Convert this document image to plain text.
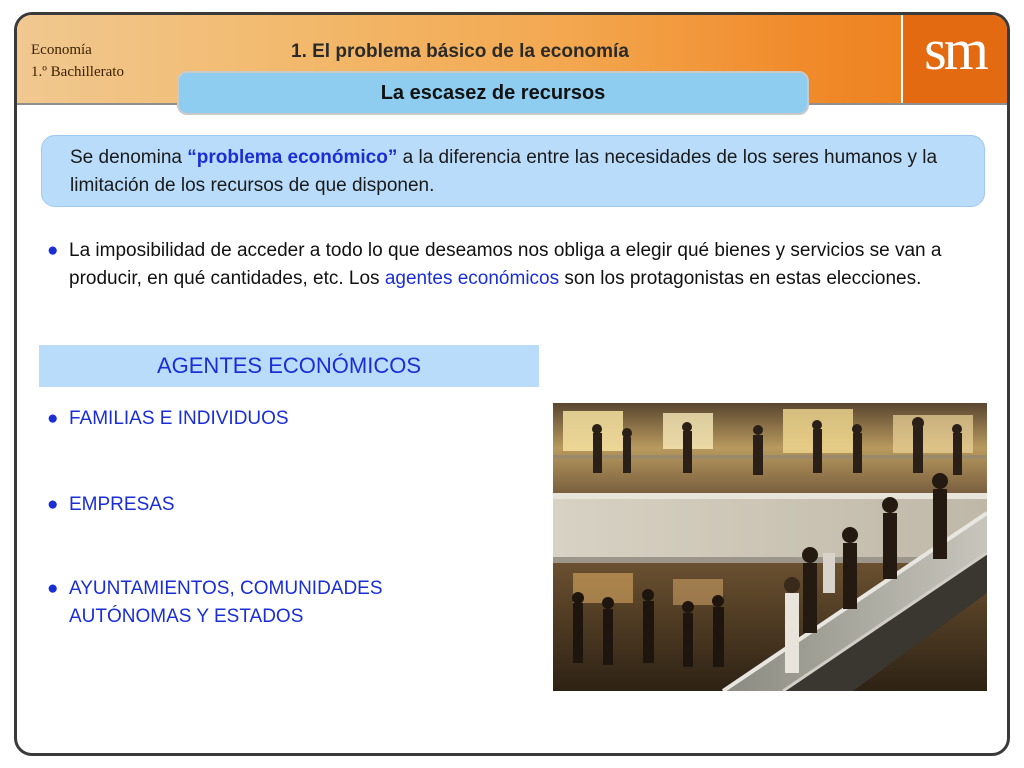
Economía
1.º Bachillerato
1. El problema básico de la economía	sm
La escasez de recursos
Se denomina “problema económico” a la diferencia entre las necesidades de los seres humanos y la limitación de los recursos de que disponen.
● La imposibilidad de acceder a todo lo que deseamos nos obliga a elegir qué bienes y servicios se van a producir, en qué cantidades, etc. Los agentes económicos son los protagonistas en estas elecciones.
AGENTES ECONÓMICOS
● FAMILIAS E INDIVIDUOS
● EMPRESAS
● AYUNTAMIENTOS, COMUNIDADES AUTÓNOMAS Y ESTADOS
